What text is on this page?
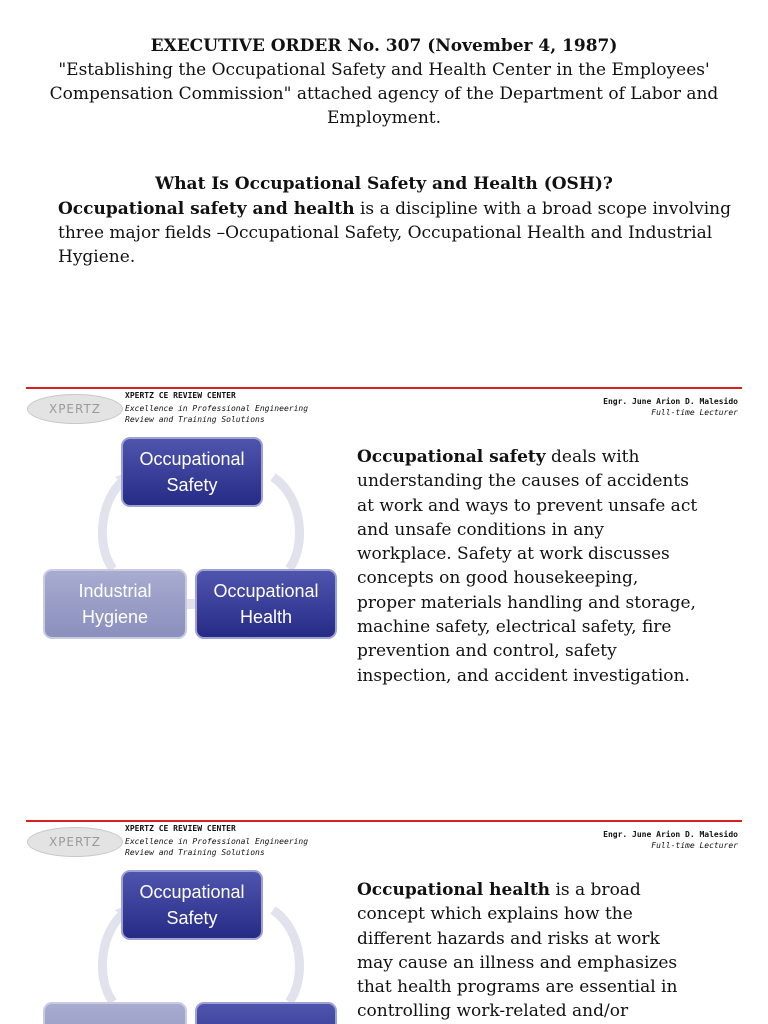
EXECUTIVE ORDER No. 307 (November 4, 1987)
"Establishing the Occupational Safety and Health Center in the Employees'
Compensation Commission" attached agency of the Department of Labor and
Employment.
What Is Occupational Safety and Health (OSH)?
Occupational safety and health is a discipline with a broad scope involving three major fields –Occupational Safety, Occupational Health and Industrial Hygiene.
XPERTZ
XPERTZ CE REVIEW CENTER
Excellence in Professional Engineering
Review and Training Solutions
Engr. June Arion D. Malesido
Full-time Lecturer
Occupational
Safety
Industrial
Hygiene
Occupational
Health
Occupational safety deals with
understanding the causes of accidents
at work and ways to prevent unsafe act
and unsafe conditions in any
workplace. Safety at work discusses
concepts on good housekeeping,
proper materials handling and storage,
machine safety, electrical safety, fire
prevention and control, safety
inspection, and accident investigation.
XPERTZ
XPERTZ CE REVIEW CENTER
Excellence in Professional Engineering
Review and Training Solutions
Engr. June Arion D. Malesido
Full-time Lecturer
Occupational
Safety
Occupational health is a broad
concept which explains how the
different hazards and risks at work
may cause an illness and emphasizes
that health programs are essential in
controlling work-related and/or
